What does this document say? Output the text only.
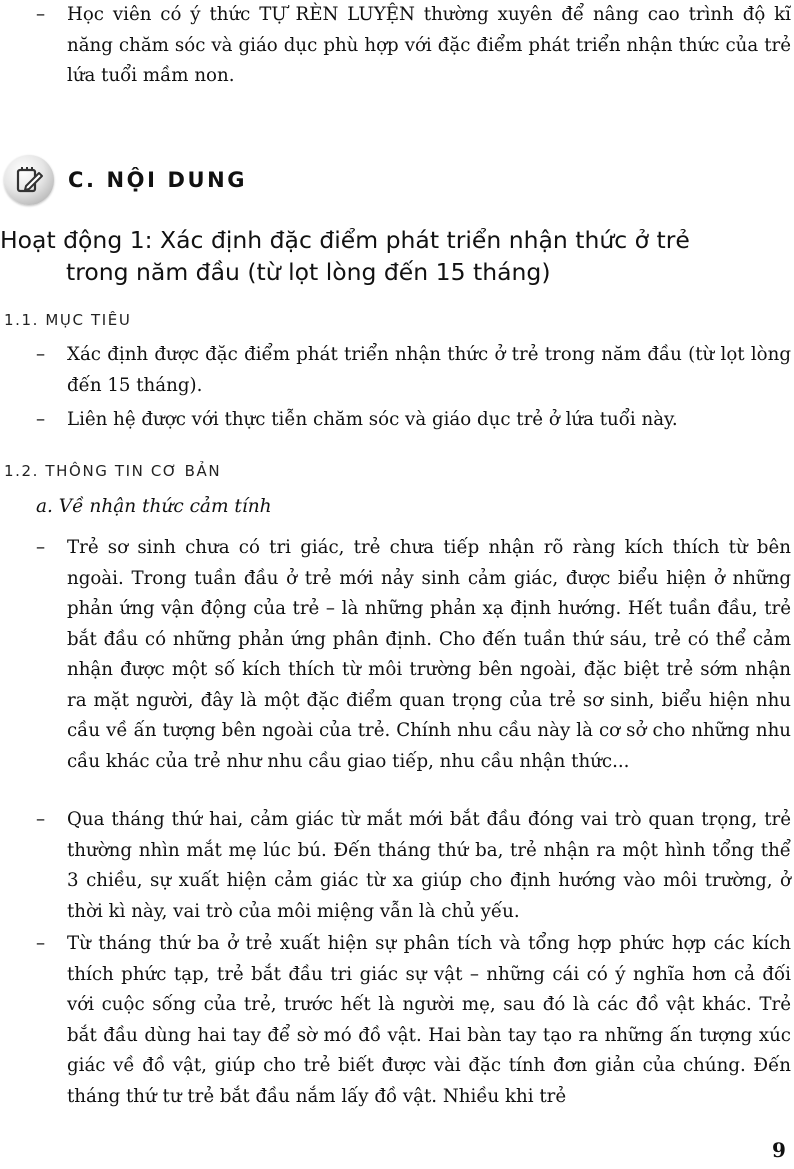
– Học viên có ý thức TỰ RÈN LUYỆN thường xuyên để nâng cao trình độ kĩ năng chăm sóc và giáo dục phù hợp với đặc điểm phát triển nhận thức của trẻ lứa tuổi mầm non.
C. NỘI DUNG
Hoạt động 1: Xác định đặc điểm phát triển nhận thức ở trẻ
trong năm đầu (từ lọt lòng đến 15 tháng)
1.1. MỤC TIÊU
– Xác định được đặc điểm phát triển nhận thức ở trẻ trong năm đầu (từ lọt lòng đến 15 tháng).
– Liên hệ được với thực tiễn chăm sóc và giáo dục trẻ ở lứa tuổi này.
1.2. THÔNG TIN CƠ BẢN
a. Về nhận thức cảm tính
– Trẻ sơ sinh chưa có tri giác, trẻ chưa tiếp nhận rõ ràng kích thích từ bên ngoài. Trong tuần đầu ở trẻ mới nảy sinh cảm giác, được biểu hiện ở những phản ứng vận động của trẻ – là những phản xạ định hướng. Hết tuần đầu, trẻ bắt đầu có những phản ứng phân định. Cho đến tuần thứ sáu, trẻ có thể cảm nhận được một số kích thích từ môi trường bên ngoài, đặc biệt trẻ sớm nhận ra mặt người, đây là một đặc điểm quan trọng của trẻ sơ sinh, biểu hiện nhu cầu về ấn tượng bên ngoài của trẻ. Chính nhu cầu này là cơ sở cho những nhu cầu khác của trẻ như nhu cầu giao tiếp, nhu cầu nhận thức...
– Qua tháng thứ hai, cảm giác từ mắt mới bắt đầu đóng vai trò quan trọng, trẻ thường nhìn mắt mẹ lúc bú. Đến tháng thứ ba, trẻ nhận ra một hình tổng thể 3 chiều, sự xuất hiện cảm giác từ xa giúp cho định hướng vào môi trường, ở thời kì này, vai trò của môi miệng vẫn là chủ yếu.
– Từ tháng thứ ba ở trẻ xuất hiện sự phân tích và tổng hợp phức hợp các kích thích phức tạp, trẻ bắt đầu tri giác sự vật – những cái có ý nghĩa hơn cả đối với cuộc sống của trẻ, trước hết là người mẹ, sau đó là các đồ vật khác. Trẻ bắt đầu dùng hai tay để sờ mó đồ vật. Hai bàn tay tạo ra những ấn tượng xúc giác về đồ vật, giúp cho trẻ biết được vài đặc tính đơn giản của chúng. Đến tháng thứ tư trẻ bắt đầu nắm lấy đồ vật. Nhiều khi trẻ
9
